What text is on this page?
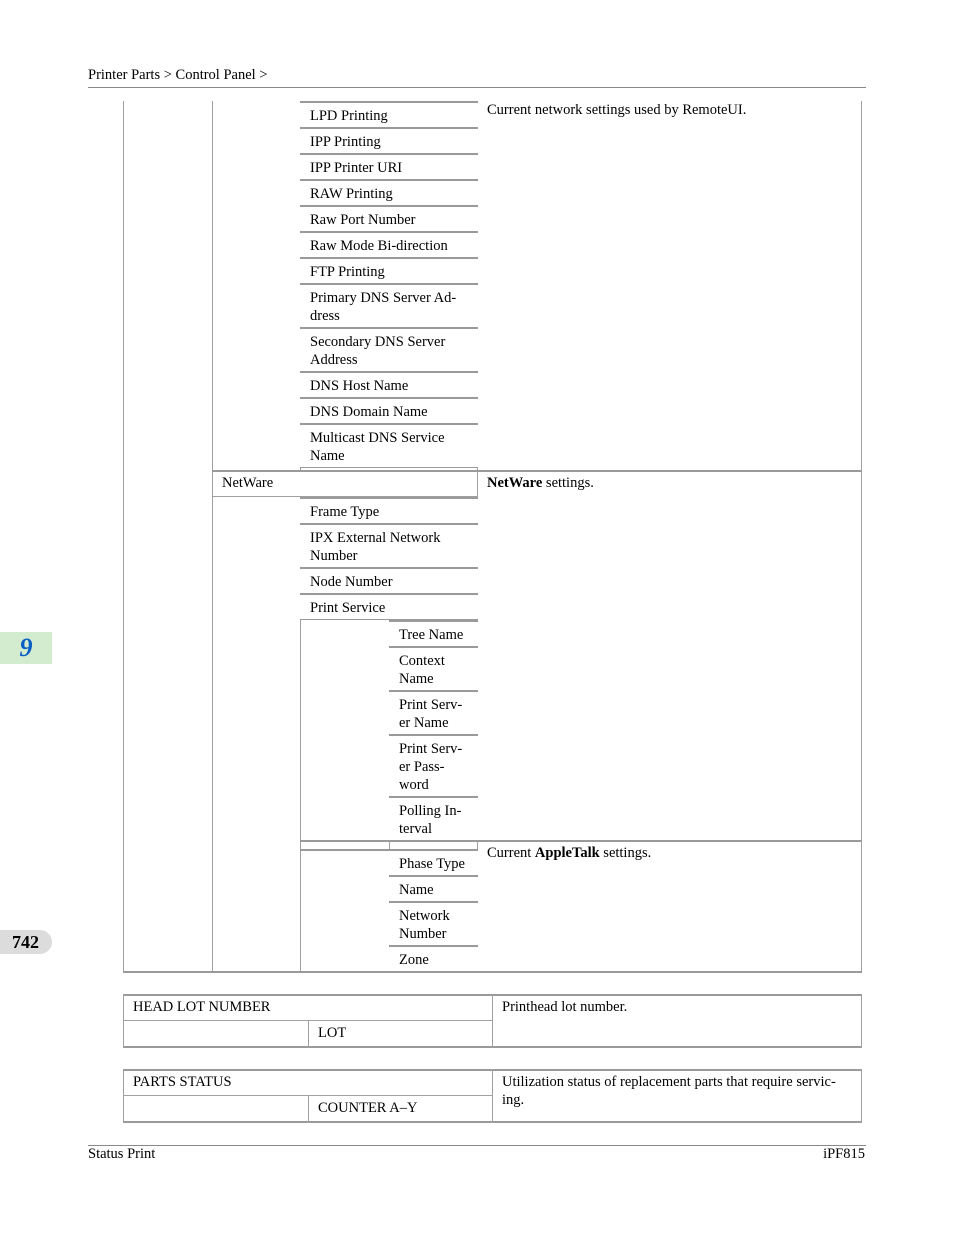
Printer Parts > Control Panel >
9
742
Status Print	iPF815
LPD Printing
IPP Printing
IPP Printer URI
RAW Printing
Raw Port Number
Raw Mode Bi-direction
FTP Printing
Primary DNS Server Ad-
dress
Secondary DNS Server
Address
DNS Host Name
DNS Domain Name
Multicast DNS Service
Name
Current network settings used by RemoteUI.
NetWare	NetWare settings.
Current AppleTalk settings.
Frame Type
IPX External Network
Number
Node Number
Print Service
Tree Name
Context
Name
Print Serv-
er Name
Print Serv-
er Pass-
word
Polling In-
terval
Phase Type
Name
Network
Number
Zone
HEAD LOT NUMBER
LOT
Printhead lot number.
PARTS STATUS
COUNTER A–Y
Utilization status of replacement parts that require servic-
ing.
